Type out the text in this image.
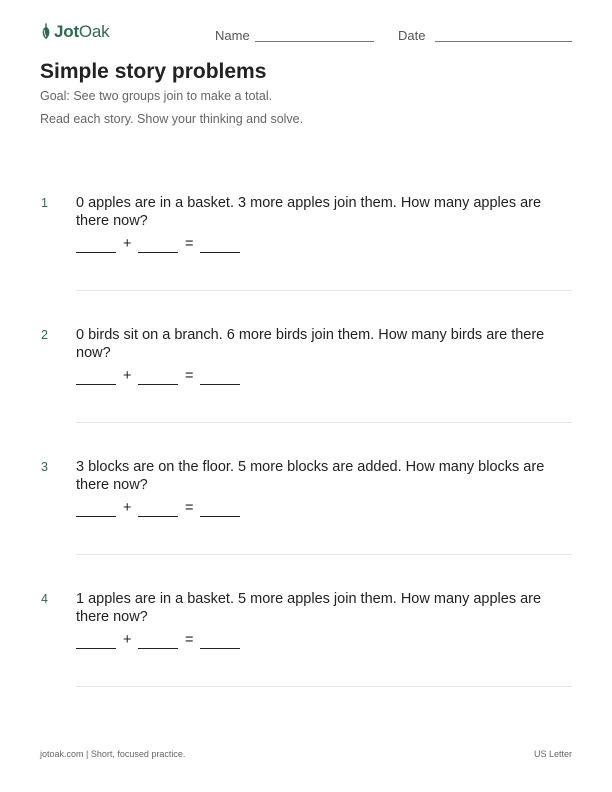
JotOak	Name	Date
Simple story problems

Goal: See two groups join to make a total.

Read each story. Show your thinking and solve.

1 0 apples are in a basket. 3 more apples join them. How many apples are there now?

+	=
2 0 birds sit on a branch. 6 more birds join them. How many birds are there now?

+	=
3 3 blocks are on the floor. 5 more blocks are added. How many blocks are there now?

+	=
4 1 apples are in a basket. 5 more apples join them. How many apples are there now?

+	=
jotoak.com | Short, focused practice.	US Letter
